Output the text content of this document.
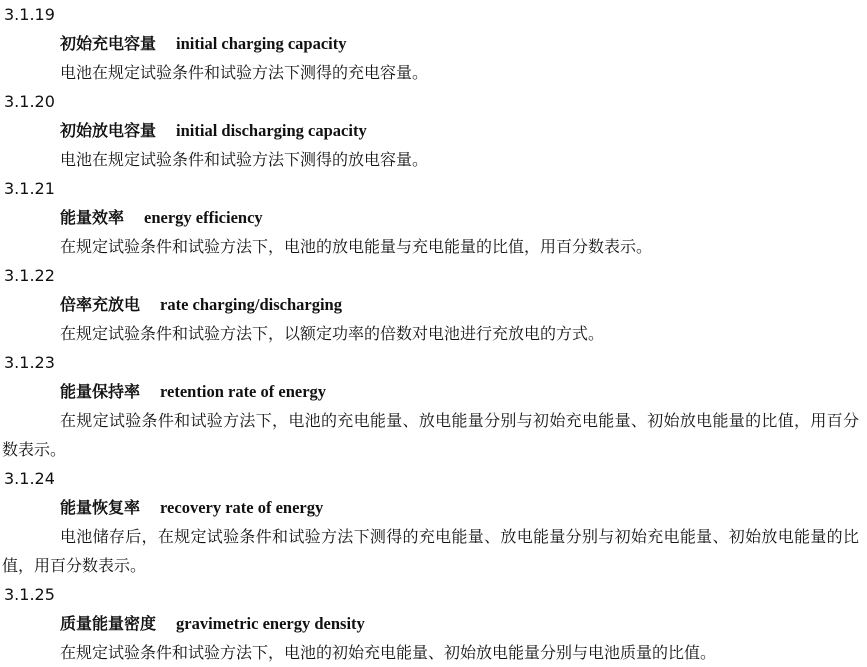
3.1.19
初始充电容量 initial charging capacity
电池在规定试验条件和试验方法下测得的充电容量。
3.1.20
初始放电容量 initial discharging capacity
电池在规定试验条件和试验方法下测得的放电容量。
3.1.21
能量效率 energy efficiency
在规定试验条件和试验方法下，电池的放电能量与充电能量的比值，用百分数表示。
3.1.22
倍率充放电 rate charging/discharging
在规定试验条件和试验方法下，以额定功率的倍数对电池进行充放电的方式。
3.1.23
能量保持率 retention rate of energy
在规定试验条件和试验方法下，电池的充电能量、放电能量分别与初始充电能量、初始放电能量的比值，用百分数表示。
3.1.24
能量恢复率 recovery rate of energy
电池储存后，在规定试验条件和试验方法下测得的充电能量、放电能量分别与初始充电能量、初始放电能量的比值，用百分数表示。
3.1.25
质量能量密度 gravimetric energy density
在规定试验条件和试验方法下，电池的初始充电能量、初始放电能量分别与电池质量的比值。
